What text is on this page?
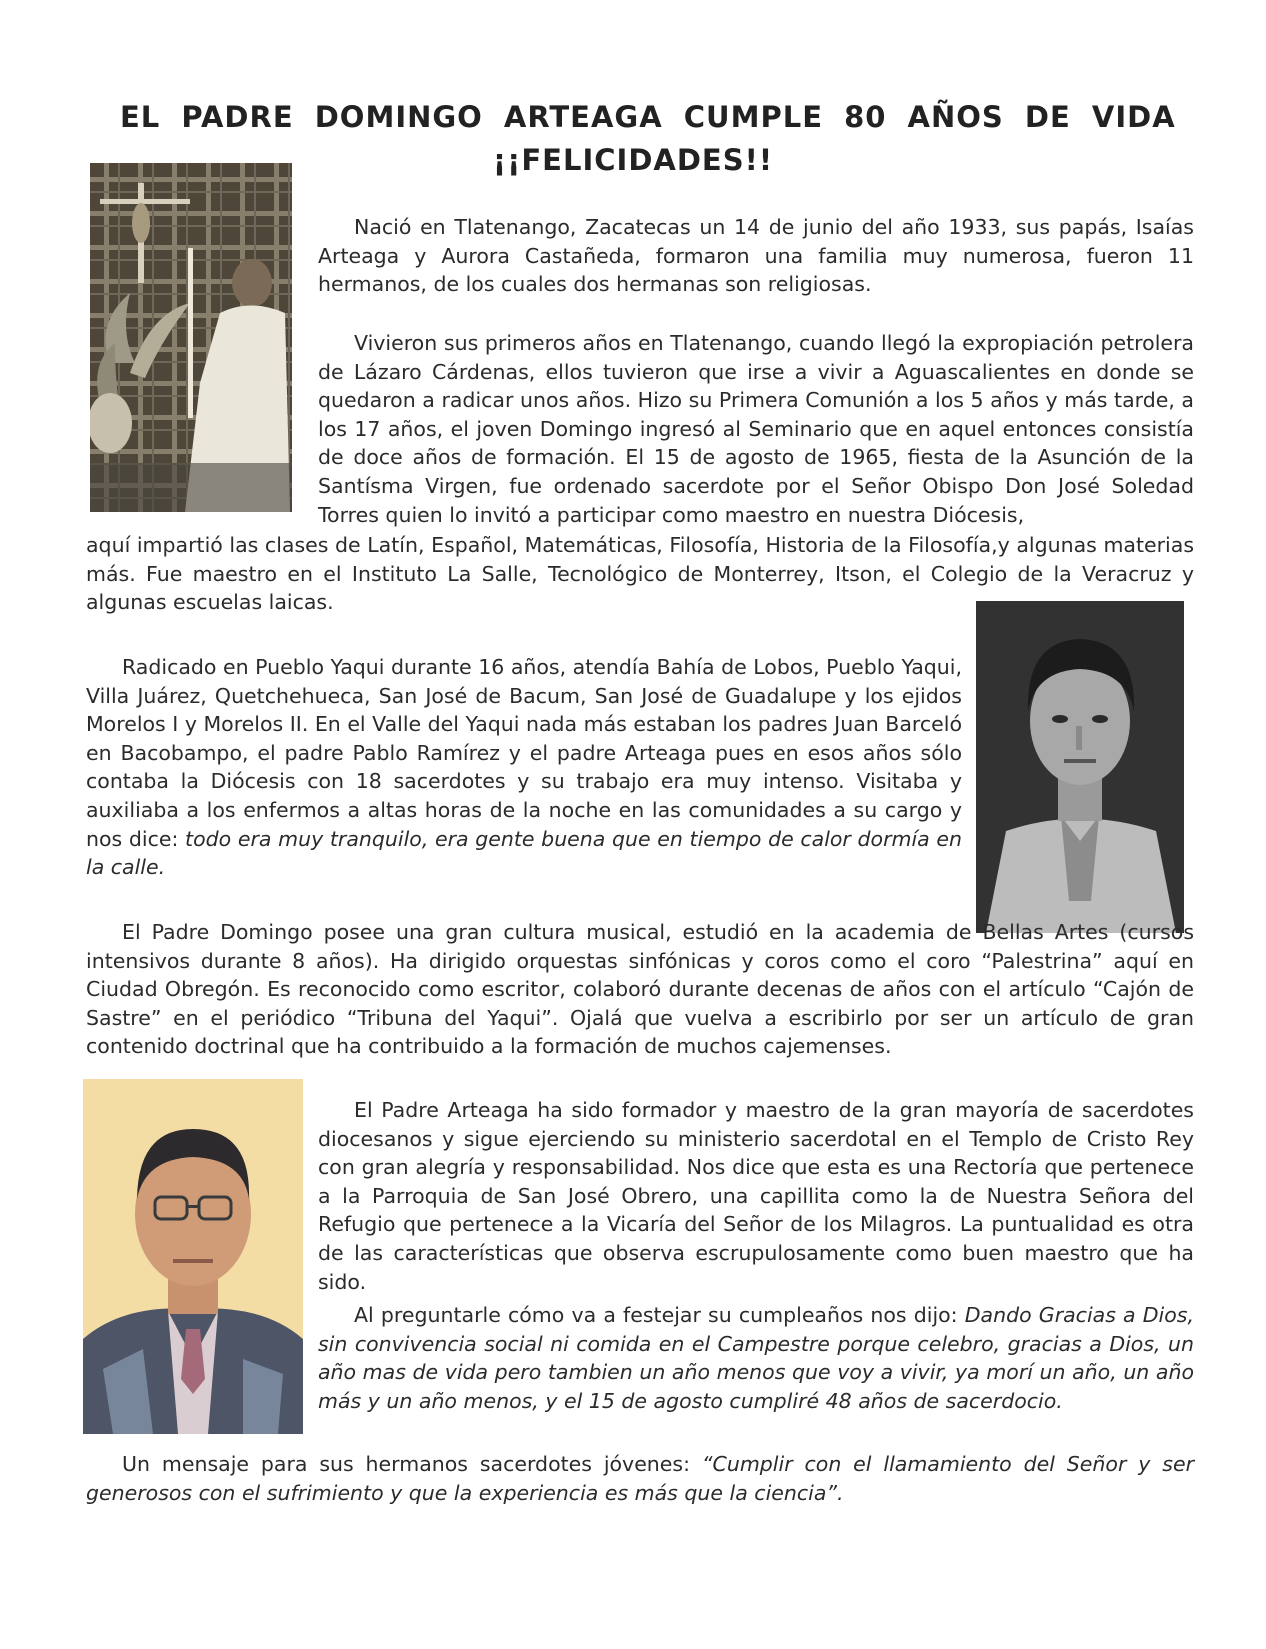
EL PADRE DOMINGO ARTEAGA CUMPLE 80 AÑOS DE VIDA
¡¡FELICIDADES!!

Nació en Tlatenango, Zacatecas un 14 de junio del año 1933, sus papás, Isaías Arteaga y Aurora Castañeda, formaron una familia muy numerosa, fueron 11 hermanos, de los cuales dos hermanas son religiosas.

Vivieron sus primeros años en Tlatenango, cuando llegó la expropiación petrolera de Lázaro Cárdenas, ellos tuvieron que irse a vivir a Aguascalientes en donde se quedaron a radicar unos años. Hizo su Primera Comunión a los 5 años y más tarde, a los 17 años, el joven Domingo ingresó al Seminario que en aquel entonces consistía de doce años de formación. El 15 de agosto de 1965, fiesta de la Asunción de la Santísma Virgen, fue ordenado sacerdote por el Señor Obispo Don José Soledad Torres quien lo invitó a participar como maestro en nuestra Diócesis,

aquí impartió las clases de Latín, Español, Matemáticas, Filosofía, Historia de la Filosofía,y algunas materias más. Fue maestro en el Instituto La Salle, Tecnológico de Monterrey, Itson, el Colegio de la Veracruz y algunas escuelas laicas.

Radicado en Pueblo Yaqui durante 16 años, atendía Bahía de Lobos, Pueblo Yaqui, Villa Juárez, Quetchehueca, San José de Bacum, San José de Guadalupe y los ejidos Morelos I y Morelos II. En el Valle del Yaqui nada más estaban los padres Juan Barceló en Bacobampo, el padre Pablo Ramírez y el padre Arteaga pues en esos años sólo contaba la Diócesis con 18 sacerdotes y su trabajo era muy intenso. Visitaba y auxiliaba a los enfermos a altas horas de la noche en las comunidades a su cargo y nos dice: todo era muy tranquilo, era gente buena que en tiempo de calor dormía en la calle.

El Padre Domingo posee una gran cultura musical, estudió en la academia de Bellas Artes (cursos intensivos durante 8 años). Ha dirigido orquestas sinfónicas y coros como el coro “Palestrina” aquí en Ciudad Obregón. Es reconocido como escritor, colaboró durante decenas de años con el artículo “Cajón de Sastre” en el periódico “Tribuna del Yaqui”. Ojalá que vuelva a escribirlo por ser un artículo de gran contenido doctrinal que ha contribuido a la formación de muchos cajemenses.

El Padre Arteaga ha sido formador y maestro de la gran mayoría de sacerdotes diocesanos y sigue ejerciendo su ministerio sacerdotal en el Templo de Cristo Rey con gran alegría y responsabilidad. Nos dice que esta es una Rectoría que pertenece a la Parroquia de San José Obrero, una capillita como la de Nuestra Señora del Refugio que pertenece a la Vicaría del Señor de los Milagros. La puntualidad es otra de las características que observa escrupulosamente como buen maestro que ha sido.

Al preguntarle cómo va a festejar su cumpleaños nos dijo: Dando Gracias a Dios, sin convivencia social ni comida en el Campestre porque celebro, gracias a Dios, un año mas de vida pero tambien un año menos que voy a vivir, ya morí un año, un año más y un año menos, y el 15 de agosto cumpliré 48 años de sacerdocio.

Un mensaje para sus hermanos sacerdotes jóvenes: “Cumplir con el llamamiento del Señor y ser generosos con el sufrimiento y que la experiencia es más que la ciencia”.
